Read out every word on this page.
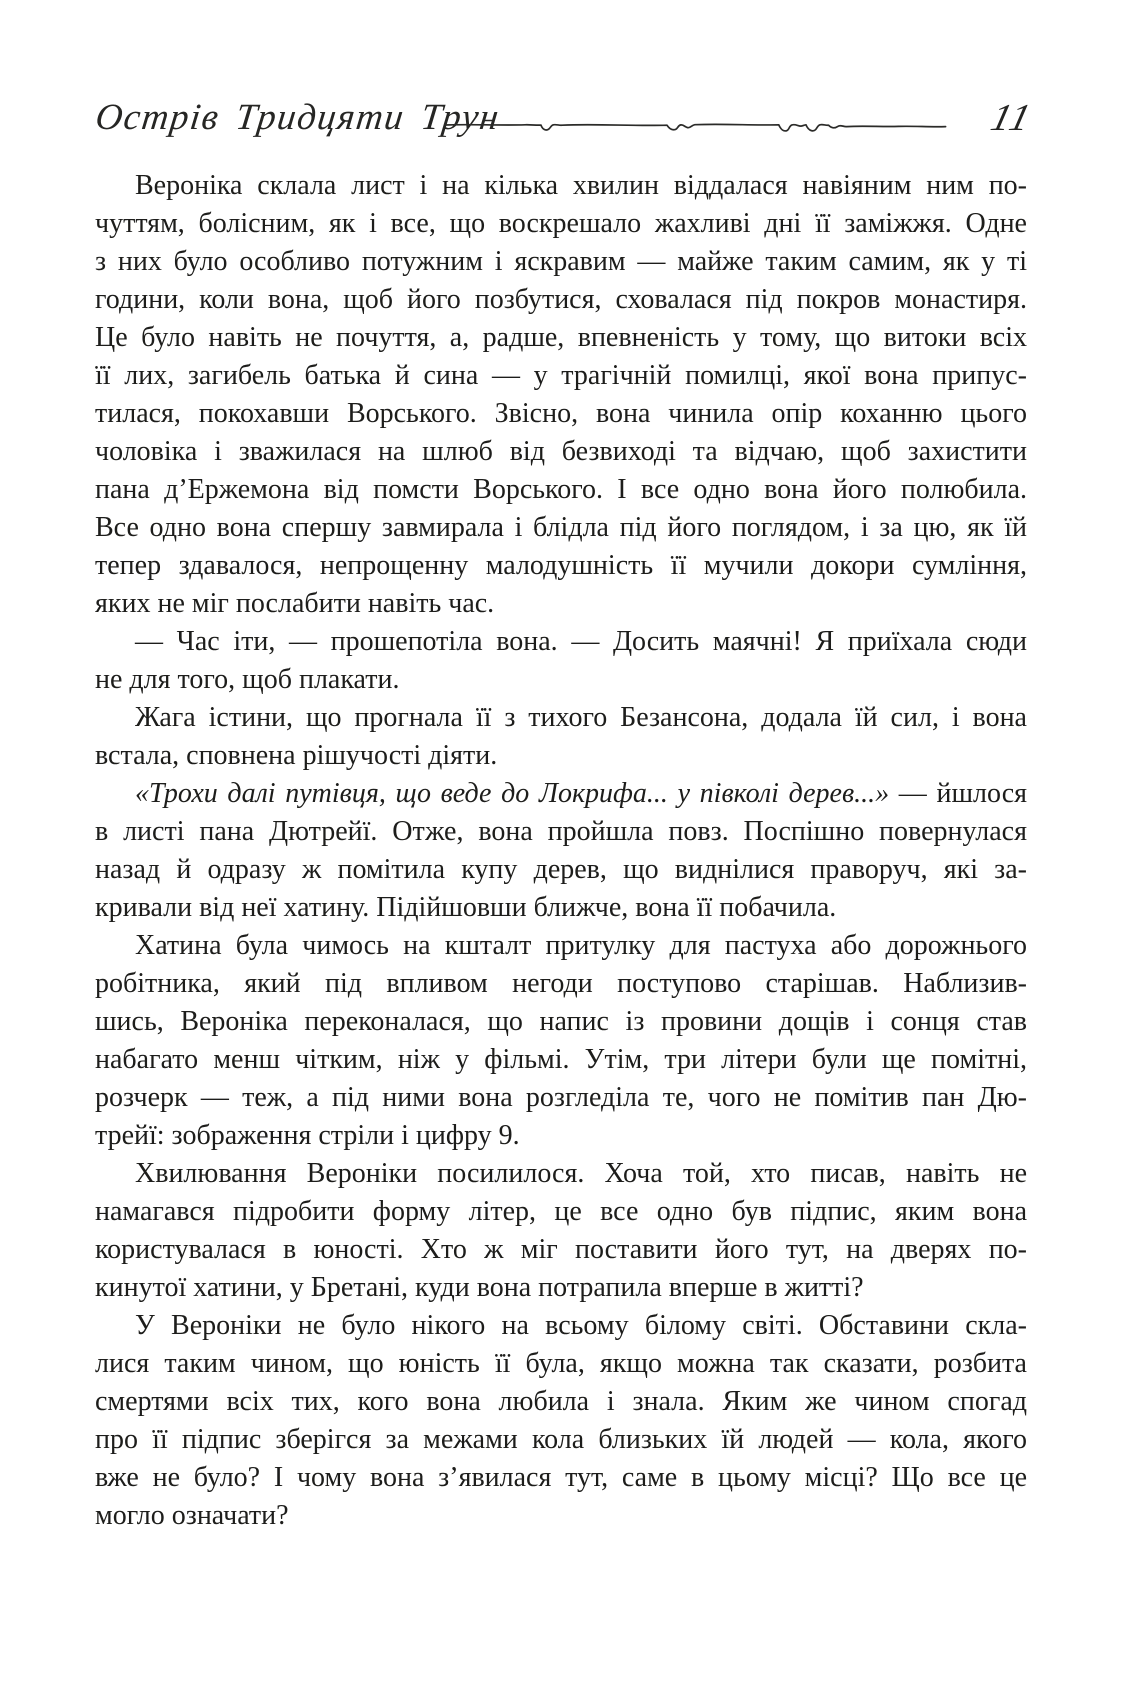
Острів Тридцяти Трун	11
Вероніка склала лист і на кілька хвилин віддалася навіяним ним по-
чуттям, болісним, як і все, що воскрешало жахливі дні її заміжжя. Одне
з них було особливо потужним і яскравим — майже таким самим, як у ті
години, коли вона, щоб його позбутися, сховалася під покров монастиря.
Це було навіть не почуття, а, радше, впевненість у тому, що витоки всіх
її лих, загибель батька й сина — у трагічній помилці, якої вона припус-
тилася, покохавши Ворського. Звісно, вона чинила опір коханню цього
чоловіка і зважилася на шлюб від безвиході та відчаю, щоб захистити
пана д’Ержемона від помсти Ворського. І все одно вона його полюбила.
Все одно вона спершу завмирала і блідла під його поглядом, і за цю, як їй
тепер здавалося, непрощенну малодушність її мучили докори сумління,
яких не міг послабити навіть час.
— Час іти, — прошепотіла вона. — Досить маячні! Я приїхала сюди
не для того, щоб плакати.
Жага істини, що прогнала її з тихого Безансона, додала їй сил, і вона
встала, сповнена рішучості діяти.
«Трохи далі путівця, що веде до Локрифа... у півколі дерев...» — йшлося
в листі пана Дютрейї. Отже, вона пройшла повз. Поспішно повернулася
назад й одразу ж помітила купу дерев, що виднілися праворуч, які за-
кривали від неї хатину. Підійшовши ближче, вона її побачила.
Хатина була чимось на кшталт притулку для пастуха або дорожнього
робітника, який під впливом негоди поступово старішав. Наблизив-
шись, Вероніка переконалася, що напис із провини дощів і сонця став
набагато менш чітким, ніж у фільмі. Утім, три літери були ще помітні,
розчерк — теж, а під ними вона розгледіла те, чого не помітив пан Дю-
трейї: зображення стріли і цифру 9.
Хвилювання Вероніки посилилося. Хоча той, хто писав, навіть не
намагався підробити форму літер, це все одно був підпис, яким вона
користувалася в юності. Хто ж міг поставити його тут, на дверях по-
кинутої хатини, у Бретані, куди вона потрапила вперше в житті?
У Вероніки не було нікого на всьому білому світі. Обставини скла-
лися таким чином, що юність її була, якщо можна так сказати, розбита
смертями всіх тих, кого вона любила і знала. Яким же чином спогад
про її підпис зберігся за межами кола близьких їй людей — кола, якого
вже не було? І чому вона з’явилася тут, саме в цьому місці? Що все це
могло означати?
